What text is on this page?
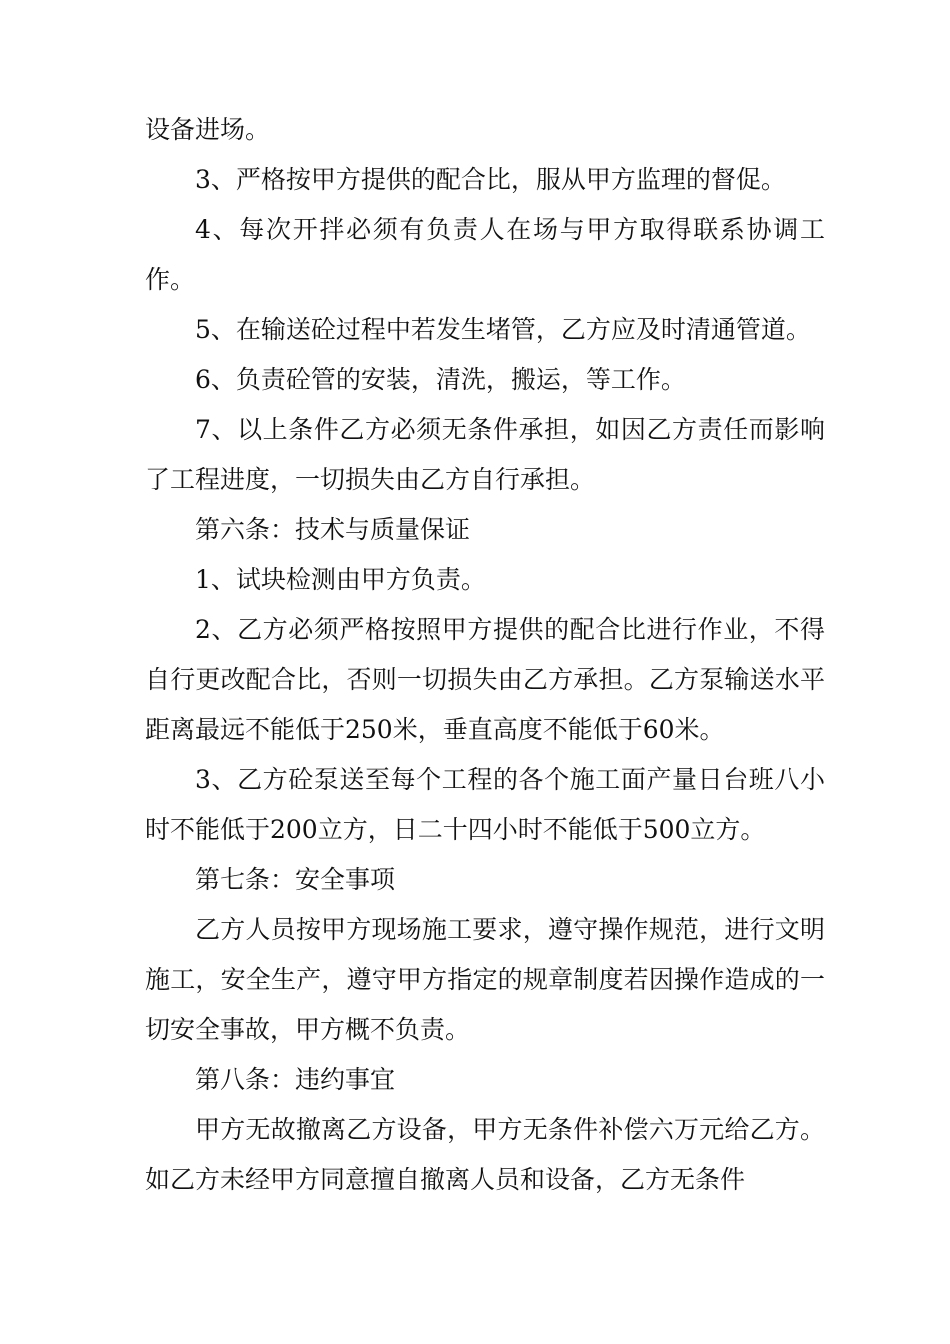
设备进场。

3、严格按甲方提供的配合比，服从甲方监理的督促。

4、每次开拌必须有负责人在场与甲方取得联系协调工作。

5、在输送砼过程中若发生堵管，乙方应及时清通管道。

6、负责砼管的安装，清洗，搬运，等工作。

7、以上条件乙方必须无条件承担，如因乙方责任而影响了工程进度，一切损失由乙方自行承担。

第六条：技术与质量保证

1、试块检测由甲方负责。

2、乙方必须严格按照甲方提供的配合比进行作业，不得自行更改配合比，否则一切损失由乙方承担。乙方泵输送水平距离最远不能低于250米，垂直高度不能低于60米。

3、乙方砼泵送至每个工程的各个施工面产量日台班八小时不能低于200立方，日二十四小时不能低于500立方。

第七条：安全事项

乙方人员按甲方现场施工要求，遵守操作规范，进行文明施工，安全生产，遵守甲方指定的规章制度若因操作造成的一切安全事故，甲方概不负责。

第八条：违约事宜

甲方无故撤离乙方设备，甲方无条件补偿六万元给乙方。如乙方未经甲方同意擅自撤离人员和设备，乙方无条件
